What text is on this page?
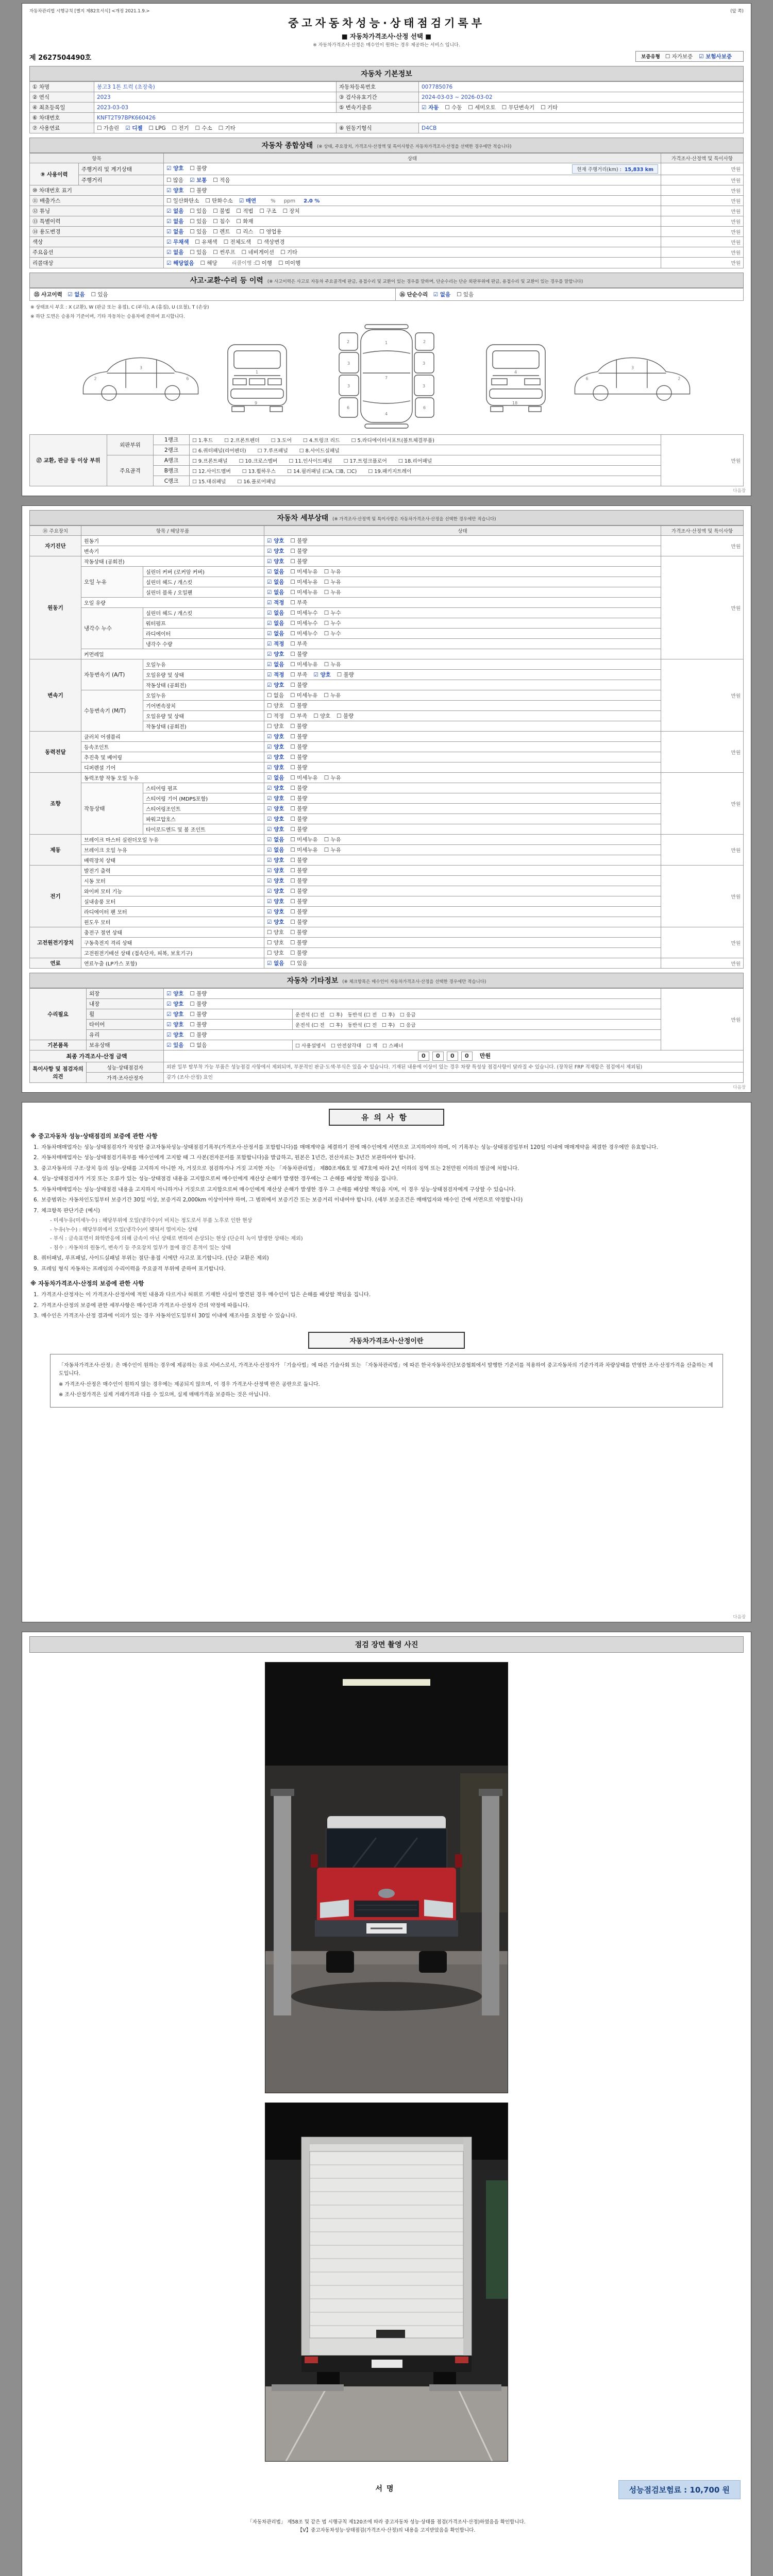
자동차관리법 시행규칙 [별지 제82호서식] <개정 2021.1.9.>	(앞 쪽)
중고자동차성능·상태점검기록부
■ 자동차가격조사·산정 선택 ■
※ 자동차가격조사·산정은 매수인이 원하는 경우 제공하는 서비스 입니다.
제 2627504490호	보증유형 ☐ 자가보증 ☑ 보험사보증
자동차 기본정보
① 차명	봉고3 1톤 트럭 (초장축)	자동차등록번호	007785076
② 연식	2023	③ 검사유효기간	2024-03-03 ~ 2026-03-02
④ 최초등록일	2023-03-03	⑤ 변속기종류	☑ 자동 ☐ 수동 ☐ 세미오토 ☐ 무단변속기 ☐ 기타
⑥ 차대번호	KNFT2T97BPK660426		
⑦ 사용연료	☐ 가솔린 ☑ 디젤 ☐ LPG ☐ 전기 ☐ 수소 ☐ 기타	⑧ 원동기형식	D4CB
자동차 종합상태 (※ 상태, 주요장치, 가격조사·산정액 및 특이사항은 자동차가격조사·산정을 선택한 경우에만 적습니다)
항목		상태	가격조사·산정액 및 특이사항
⑨ 사용이력	주행거리 및 계기상태	☑ 양호 ☐ 불량 현재 주행거리(km) : 15,833 km	만원
	주행거리	☐ 많음 ☑ 보통 ☐ 적음	만원
⑩ 차대번호 표기		☑ 양호 ☐ 불량	만원
⑪ 배출가스		☐ 일산화탄소 ☐ 탄화수소 ☑ 매연 % ppm 2.0 %	만원
⑫ 튜닝		☑ 없음 ☐ 있음 ☐ 불법 ☐ 적법 ☐ 구조 ☐ 장치	만원
⑬ 특별이력		☑ 없음 ☐ 있음 ☐ 침수 ☐ 화재	만원
⑭ 용도변경		☑ 없음 ☐ 있음 ☐ 렌트 ☐ 리스 ☐ 영업용	만원
색상		☑ 무채색 ☐ 유채색 ☐ 전체도색 ☐ 색상변경	만원
주요옵션		☑ 없음 ☐ 있음 ☐ 썬루프 ☐ 네비게이션 ☐ 기타	만원
리콜대상		☑ 해당없음 ☐ 해당 리콜이행 :☐ 이행 ☐ 미이행	만원
사고·교환·수리 등 이력 (※ 사고이력은 사고로 자동차 주요골격에 판금, 용접수리 및 교환이 있는 경우를 말하며, 단순수리는 단순 외판부위에 판금, 용접수리 및 교환이 있는 경우를 말합니다)
⑮ 사고이력　 ☑ 없음 ☐ 있음	⑯ 단순수리　 ☑ 없음 ☐ 있음
※ 상태표시 부호 : X (교환), W (판금 또는 용접), C (부식), A (흠집), U (요철), T (손상)
※ 하단 도면은 승용차 기준이며, 기타 자동차는 승용차에 준하여 표시합니다.
3
2	6
1
9
1
7
4
2
3
3
6
2
3
3
6
4
18
3
6	2
⑰ 교환, 판금 등 이상 부위	외판부위	1랭크	☐ 1.후드 ☐ 2.프론트펜더 ☐ 3.도어 ☐ 4.트렁크 리드 ☐ 5.라디에이터서포트(볼트체결부품)	만원
		2랭크	☐ 6.쿼터패널(리어펜더) ☐ 7.루프패널 ☐ 8.사이드실패널	
	주요골격	A랭크	☐ 9.프론트패널 ☐ 10.크로스멤버 ☐ 11.인사이드패널 ☐ 17.트렁크플로어 ☐ 18.리어패널	
		B랭크	☐ 12.사이드멤버 ☐ 13.휠하우스 ☐ 14.필러패널 (☐A, ☐B, ☐C) ☐ 19.패키지트레이	
		C랭크	☐ 15.대쉬패널 ☐ 16.플로어패널	
다음장
자동차 세부상태 (※ 가격조사·산정액 및 특이사항은 자동차가격조사·산정을 선택한 경우에만 적습니다)
⑱ 주요장치	항목 / 해당부품		상태	가격조사·산정액 및 특이사항
자기진단	원동기		☑ 양호 ☐ 불량	만원
	변속기		☑ 양호 ☐ 불량	
원동기	작동상태 (공회전)		☑ 양호 ☐ 불량	만원
	오일 누유	실린더 커버 (로커암 커버)	☑ 없음 ☐ 미세누유 ☐ 누유	
		실린더 헤드 / 개스킷	☑ 없음 ☐ 미세누유 ☐ 누유	
		실린더 블록 / 오일팬	☑ 없음 ☐ 미세누유 ☐ 누유	
	오일 유량		☑ 적정 ☐ 부족	
	냉각수 누수	실린더 헤드 / 개스킷	☑ 없음 ☐ 미세누수 ☐ 누수	
		워터펌프	☑ 없음 ☐ 미세누수 ☐ 누수	
		라디에이터	☑ 없음 ☐ 미세누수 ☐ 누수	
		냉각수 수량	☑ 적정 ☐ 부족	
	커먼레일		☑ 양호 ☐ 불량	
변속기	자동변속기 (A/T)	오일누유	☑ 없음 ☐ 미세누유 ☐ 누유	만원
		오일유량 및 상태	☑ 적정 ☐ 부족 ☑ 양호 ☐ 불량	
		작동상태 (공회전)	☑ 양호 ☐ 불량	
	수동변속기 (M/T)	오일누유	☐ 없음 ☐ 미세누유 ☐ 누유	
		기어변속장치	☐ 양호 ☐ 불량	
		오일유량 및 상태	☐ 적정 ☐ 부족 ☐ 양호 ☐ 불량	
		작동상태 (공회전)	☐ 양호 ☐ 불량	
동력전달	클러치 어셈블리		☑ 양호 ☐ 불량	만원
	등속조인트		☑ 양호 ☐ 불량	
	추진축 및 베어링		☑ 양호 ☐ 불량	
	디퍼렌셜 기어		☑ 양호 ☐ 불량	
조향	동력조향 작동 오일 누유		☑ 없음 ☐ 미세누유 ☐ 누유	만원
	작동상태	스티어링 펌프	☑ 양호 ☐ 불량	
		스티어링 기어 (MDPS포함)	☑ 양호 ☐ 불량	
		스티어링조인트	☑ 양호 ☐ 불량	
		파워고압호스	☑ 양호 ☐ 불량	
		타이로드엔드 및 볼 조인트	☑ 양호 ☐ 불량	
제동	브레이크 마스터 실린더오일 누유		☑ 없음 ☐ 미세누유 ☐ 누유	만원
	브레이크 오일 누유		☑ 없음 ☐ 미세누유 ☐ 누유	
	배력장치 상태		☑ 양호 ☐ 불량	
전기	발전기 출력		☑ 양호 ☐ 불량	만원
	시동 모터		☑ 양호 ☐ 불량	
	와이퍼 모터 기능		☑ 양호 ☐ 불량	
	실내송풍 모터		☑ 양호 ☐ 불량	
	라디에이터 팬 모터		☑ 양호 ☐ 불량	
	윈도우 모터		☑ 양호 ☐ 불량	
고전원전기장치	충전구 절연 상태		☐ 양호 ☐ 불량	만원
	구동축전지 격리 상태		☐ 양호 ☐ 불량	
	고전원전기배선 상태 (접속단자, 피복, 보호기구)		☐ 양호 ☐ 불량	
연료	연료누출 (LP가스 포함)		☑ 없음 ☐ 있음	만원
자동차 기타정보 (※ 체크항목은 매수인이 자동차가격조사·산정을 선택한 경우에만 적습니다)
수리필요	외장	☑ 양호 ☐ 불량		만원
	내장	☑ 양호 ☐ 불량		
	휠	☑ 양호 ☐ 불량	운전석 (☐ 전　☐ 후)　동반석 (☐ 전　☐ 후)　☐ 응급	
	타이어	☑ 양호 ☐ 불량	운전석 (☐ 전　☐ 후)　동반석 (☐ 전　☐ 후)　☐ 응급	
	유리	☑ 양호 ☐ 불량		
기본품목	보유상태	☑ 있음 ☐ 없음	☐ 사용설명서　☐ 안전삼각대　☐ 잭　☐ 스패너	
최종 가격조사·산정 금액		0 0 0 0　만원		
특이사항 및 점검자의 의견	성능·상태점검자	외판 일부 탈부착 가능 부품은 성능점검 사항에서 제외되며, 부분적인 판금·도색·부식은 있을 수 있습니다. 기재된 내용에 이상이 있는 경우 차량 특성상 점검사항이 달라질 수 있습니다. (장착된 FRP 적재함은 점검에서 제외됨)		
	가격·조사산정자	감가 (조사·산정) 요인		
다음장
유의사항
※ 중고자동차 성능·상태점검의 보증에 관한 사항
1. 자동차매매업자는 성능·상태점검자가 작성한 중고자동차성능·상태점검기록부(가격조사·산정서를 포함합니다)를 매매계약을 체결하기 전에 매수인에게 서면으로 고지하여야 하며, 이 기록부는 성능·상태점검일부터 120일 이내에 매매계약을 체결한 경우에만 유효합니다.
2. 자동차매매업자는 성능·상태점검기록부를 매수인에게 고지할 때 그 사본(전자문서를 포함합니다)을 발급하고, 원본은 1년간, 전산자료는 3년간 보관하여야 합니다.
3. 중고자동차의 구조·장치 등의 성능·상태를 고지하지 아니한 자, 거짓으로 점검하거나 거짓 고지한 자는 「자동차관리법」 제80조제6호 및 제7호에 따라 2년 이하의 징역 또는 2천만원 이하의 벌금에 처합니다.
4. 성능·상태점검자가 거짓 또는 오류가 있는 성능·상태점검 내용을 고지함으로써 매수인에게 재산상 손해가 발생한 경우에는 그 손해를 배상할 책임을 집니다.
5. 자동차매매업자는 성능·상태점검 내용을 고지하지 아니하거나 거짓으로 고지함으로써 매수인에게 재산상 손해가 발생한 경우 그 손해를 배상할 책임을 지며, 이 경우 성능·상태점검자에게 구상할 수 있습니다.
6. 보증범위는 자동차인도일부터 보증기간 30일 이상, 보증거리 2,000km 이상이어야 하며, 그 범위에서 보증기간 또는 보증거리 이내여야 합니다. (세부 보증조건은 매매업자와 매수인 간에 서면으로 약정합니다)
7. 체크항목 판단기준 (예시)
- 미세누유(미세누수) : 해당부위에 오일(냉각수)이 비치는 정도로서 부품 노후로 인한 현상
- 누유(누수) : 해당부위에서 오일(냉각수)이 맺혀서 떨어지는 상태
- 부식 : 금속표면이 화학반응에 의해 금속이 아닌 상태로 변하여 손상되는 현상 (단순히 녹이 발생한 상태는 제외)
- 침수 : 자동차의 원동기, 변속기 등 주요장치 일부가 물에 잠긴 흔적이 있는 상태
8. 쿼터패널, 루프패널, 사이드실패널 부위는 절단·용접 시에만 사고로 표기합니다. (단순 교환은 제외)
9. 프레임 형식 자동차는 프레임의 수리이력을 주요골격 부위에 준하여 표기합니다.
※ 자동차가격조사·산정의 보증에 관한 사항
1. 가격조사·산정자는 이 가격조사·산정서에 적힌 내용과 다르거나 허위로 기재한 사실이 발견된 경우 매수인이 입은 손해를 배상할 책임을 집니다.
2. 가격조사·산정의 보증에 관한 세부사항은 매수인과 가격조사·산정자 간의 약정에 따릅니다.
3. 매수인은 가격조사·산정 결과에 이의가 있는 경우 자동차인도일부터 30일 이내에 재조사를 요청할 수 있습니다.
자동차가격조사·산정이란
「자동차가격조사·산정」은 매수인이 원하는 경우에 제공하는 유료 서비스로서, 가격조사·산정자가 「기술사법」에 따른 기술사회 또는 「자동차관리법」에 따른 한국자동차진단보증협회에서 발행한 기준서를 적용하여 중고자동차의 기준가격과 차량상태를 반영한 조사·산정가격을 산출하는 제도입니다.
※ 가격조사·산정은 매수인이 원하지 않는 경우에는 제공되지 않으며, 이 경우 가격조사·산정액 란은 공란으로 둡니다.
※ 조사·산정가격은 실제 거래가격과 다를 수 있으며, 실제 매매가격을 보증하는 것은 아닙니다.
다음장
점검 장면 촬영 사진
서명	성능점검보험료 : 10,700 원
「자동차관리법」 제58조 및 같은 법 시행규칙 제120조에 따라 중고자동차 성능·상태를 점검(가격조사·산정)하였음을 확인합니다.
【Ⅴ】중고자동차성능·상태점검(가격조사·산정)의 내용을 고지받았음을 확인합니다.
